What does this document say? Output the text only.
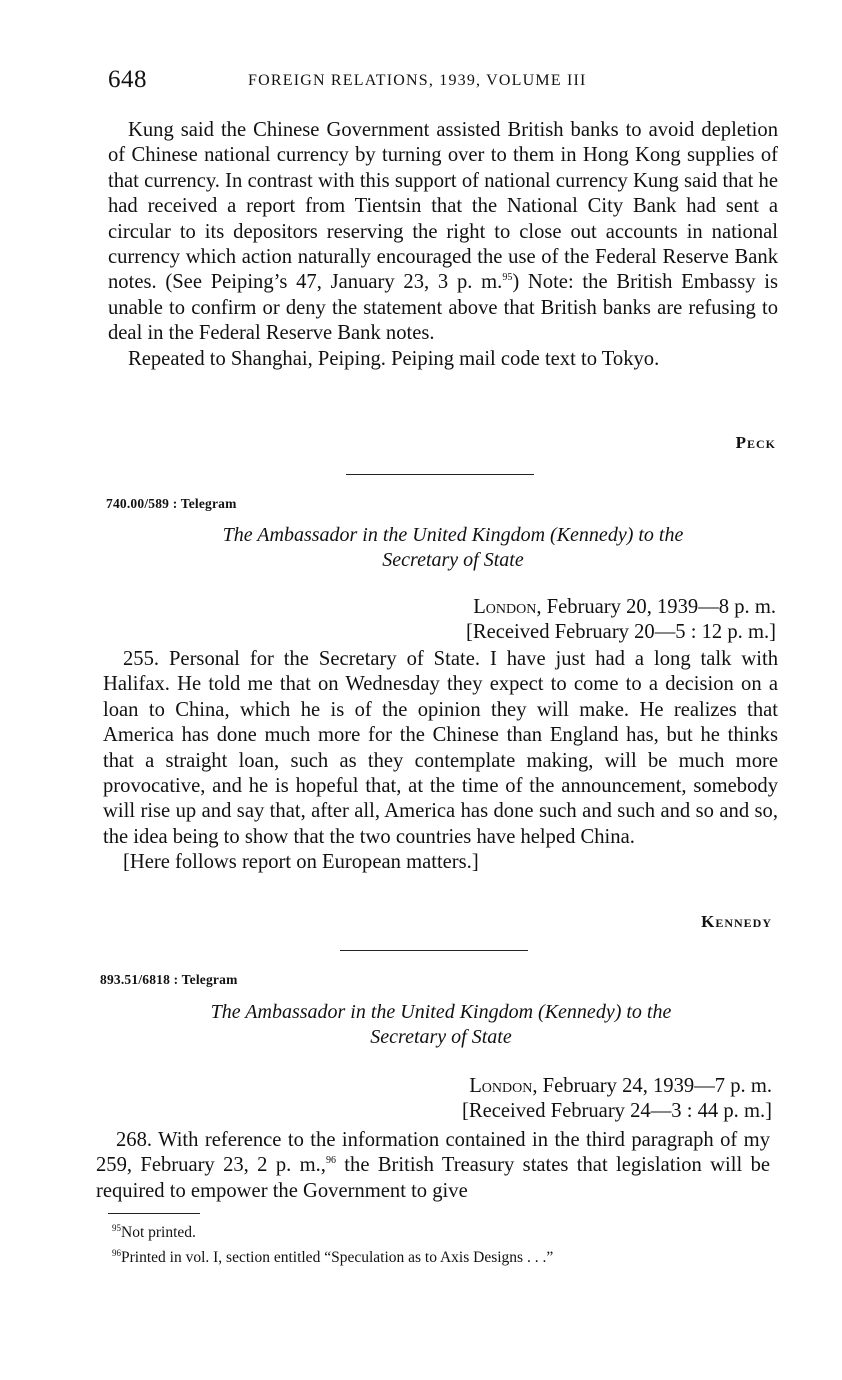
648	FOREIGN RELATIONS, 1939, VOLUME III

Kung said the Chinese Government assisted British banks to avoid depletion of Chinese national currency by turning over to them in Hong Kong supplies of that currency. In contrast with this support of national currency Kung said that he had received a report from Tientsin that the National City Bank had sent a circular to its depositors reserving the right to close out accounts in national currency which action naturally encouraged the use of the Federal Reserve Bank notes. (See Peiping’s 47, January 23, 3 p. m.$^{95}$) Note: the British Embassy is unable to confirm or deny the statement above that British banks are refusing to deal in the Federal Reserve Bank notes.

Repeated to Shanghai, Peiping. Peiping mail code text to Tokyo.

Peck
740.00/589 : Telegram
The Ambassador in the United Kingdom (Kennedy) to the
Secretary of State
London, February 20, 1939—8 p. m.
[Received February 20—5 : 12 p. m.]

255. Personal for the Secretary of State. I have just had a long talk with Halifax. He told me that on Wednesday they expect to come to a decision on a loan to China, which he is of the opinion they will make. He realizes that America has done much more for the Chinese than England has, but he thinks that a straight loan, such as they contemplate making, will be much more provocative, and he is hopeful that, at the time of the announcement, somebody will rise up and say that, after all, America has done such and such and so and so, the idea being to show that the two countries have helped China.

[Here follows report on European matters.]

Kennedy
893.51/6818 : Telegram
The Ambassador in the United Kingdom (Kennedy) to the
Secretary of State
London, February 24, 1939—7 p. m.
[Received February 24—3 : 44 p. m.]

268. With reference to the information contained in the third paragraph of my 259, February 23, 2 p. m.,$^{96}$ the British Treasury states that legislation will be required to empower the Government to give

$^{95}$Not printed.
$^{96}$Printed in vol. I, section entitled “Speculation as to Axis Designs . . .”
